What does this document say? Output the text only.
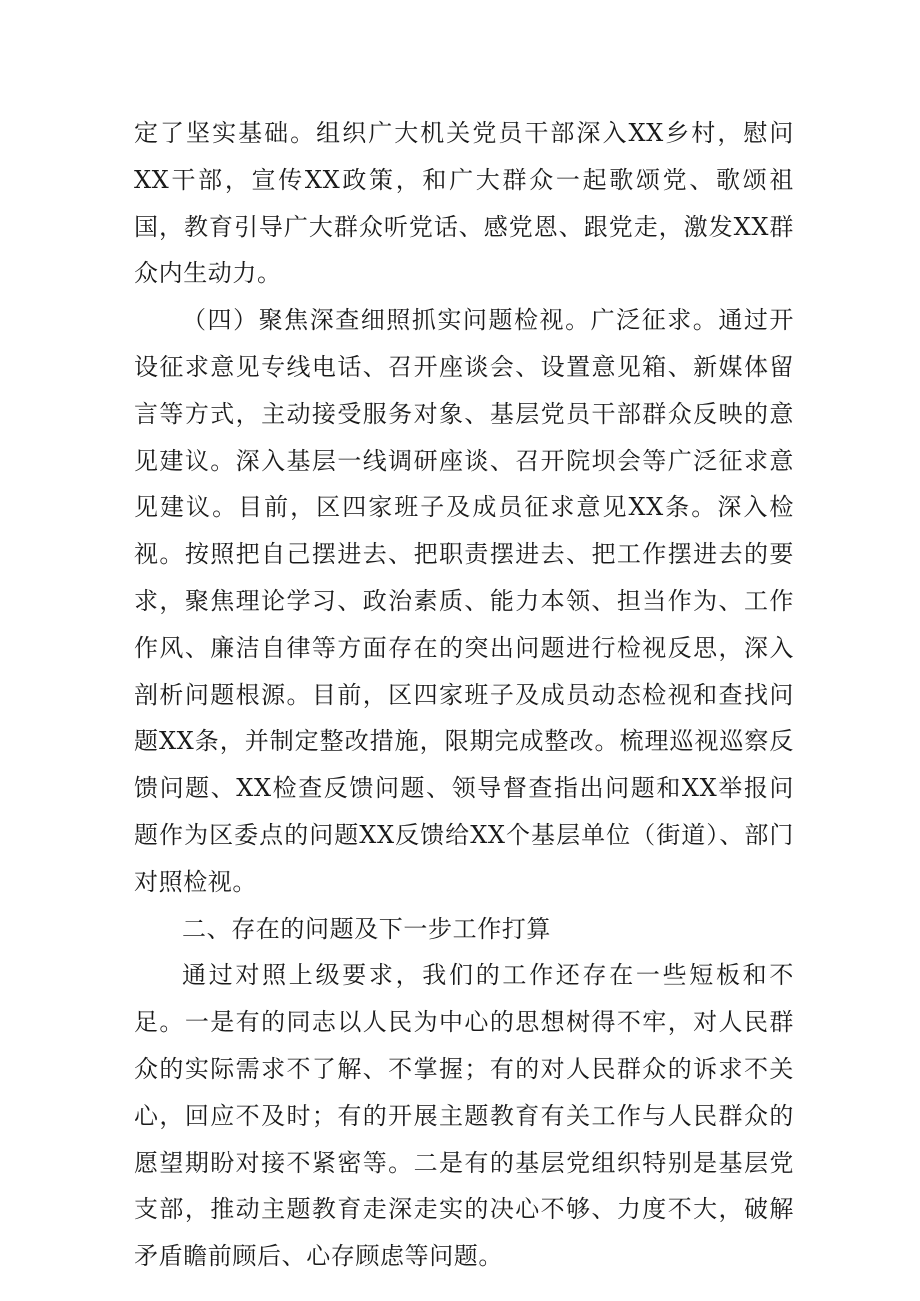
定了坚实基础。组织广大机关党员干部深入XX乡村，慰问XX干部，宣传XX政策，和广大群众一起歌颂党、歌颂祖国，教育引导广大群众听党话、感党恩、跟党走，激发XX群众内生动力。

（四）聚焦深查细照抓实问题检视。广泛征求。通过开设征求意见专线电话、召开座谈会、设置意见箱、新媒体留言等方式，主动接受服务对象、基层党员干部群众反映的意见建议。深入基层一线调研座谈、召开院坝会等广泛征求意见建议。目前，区四家班子及成员征求意见XX条。深入检视。按照把自己摆进去、把职责摆进去、把工作摆进去的要求，聚焦理论学习、政治素质、能力本领、担当作为、工作作风、廉洁自律等方面存在的突出问题进行检视反思，深入剖析问题根源。目前，区四家班子及成员动态检视和查找问题XX条，并制定整改措施，限期完成整改。梳理巡视巡察反馈问题、XX检查反馈问题、领导督查指出问题和XX举报问题作为区委点的问题XX反馈给XX个基层单位（街道）、部门对照检视。

二、存在的问题及下一步工作打算

通过对照上级要求，我们的工作还存在一些短板和不足。一是有的同志以人民为中心的思想树得不牢，对人民群众的实际需求不了解、不掌握；有的对人民群众的诉求不关心，回应不及时；有的开展主题教育有关工作与人民群众的愿望期盼对接不紧密等。二是有的基层党组织特别是基层党支部，推动主题教育走深走实的决心不够、力度不大，破解矛盾瞻前顾后、心存顾虑等问题。
